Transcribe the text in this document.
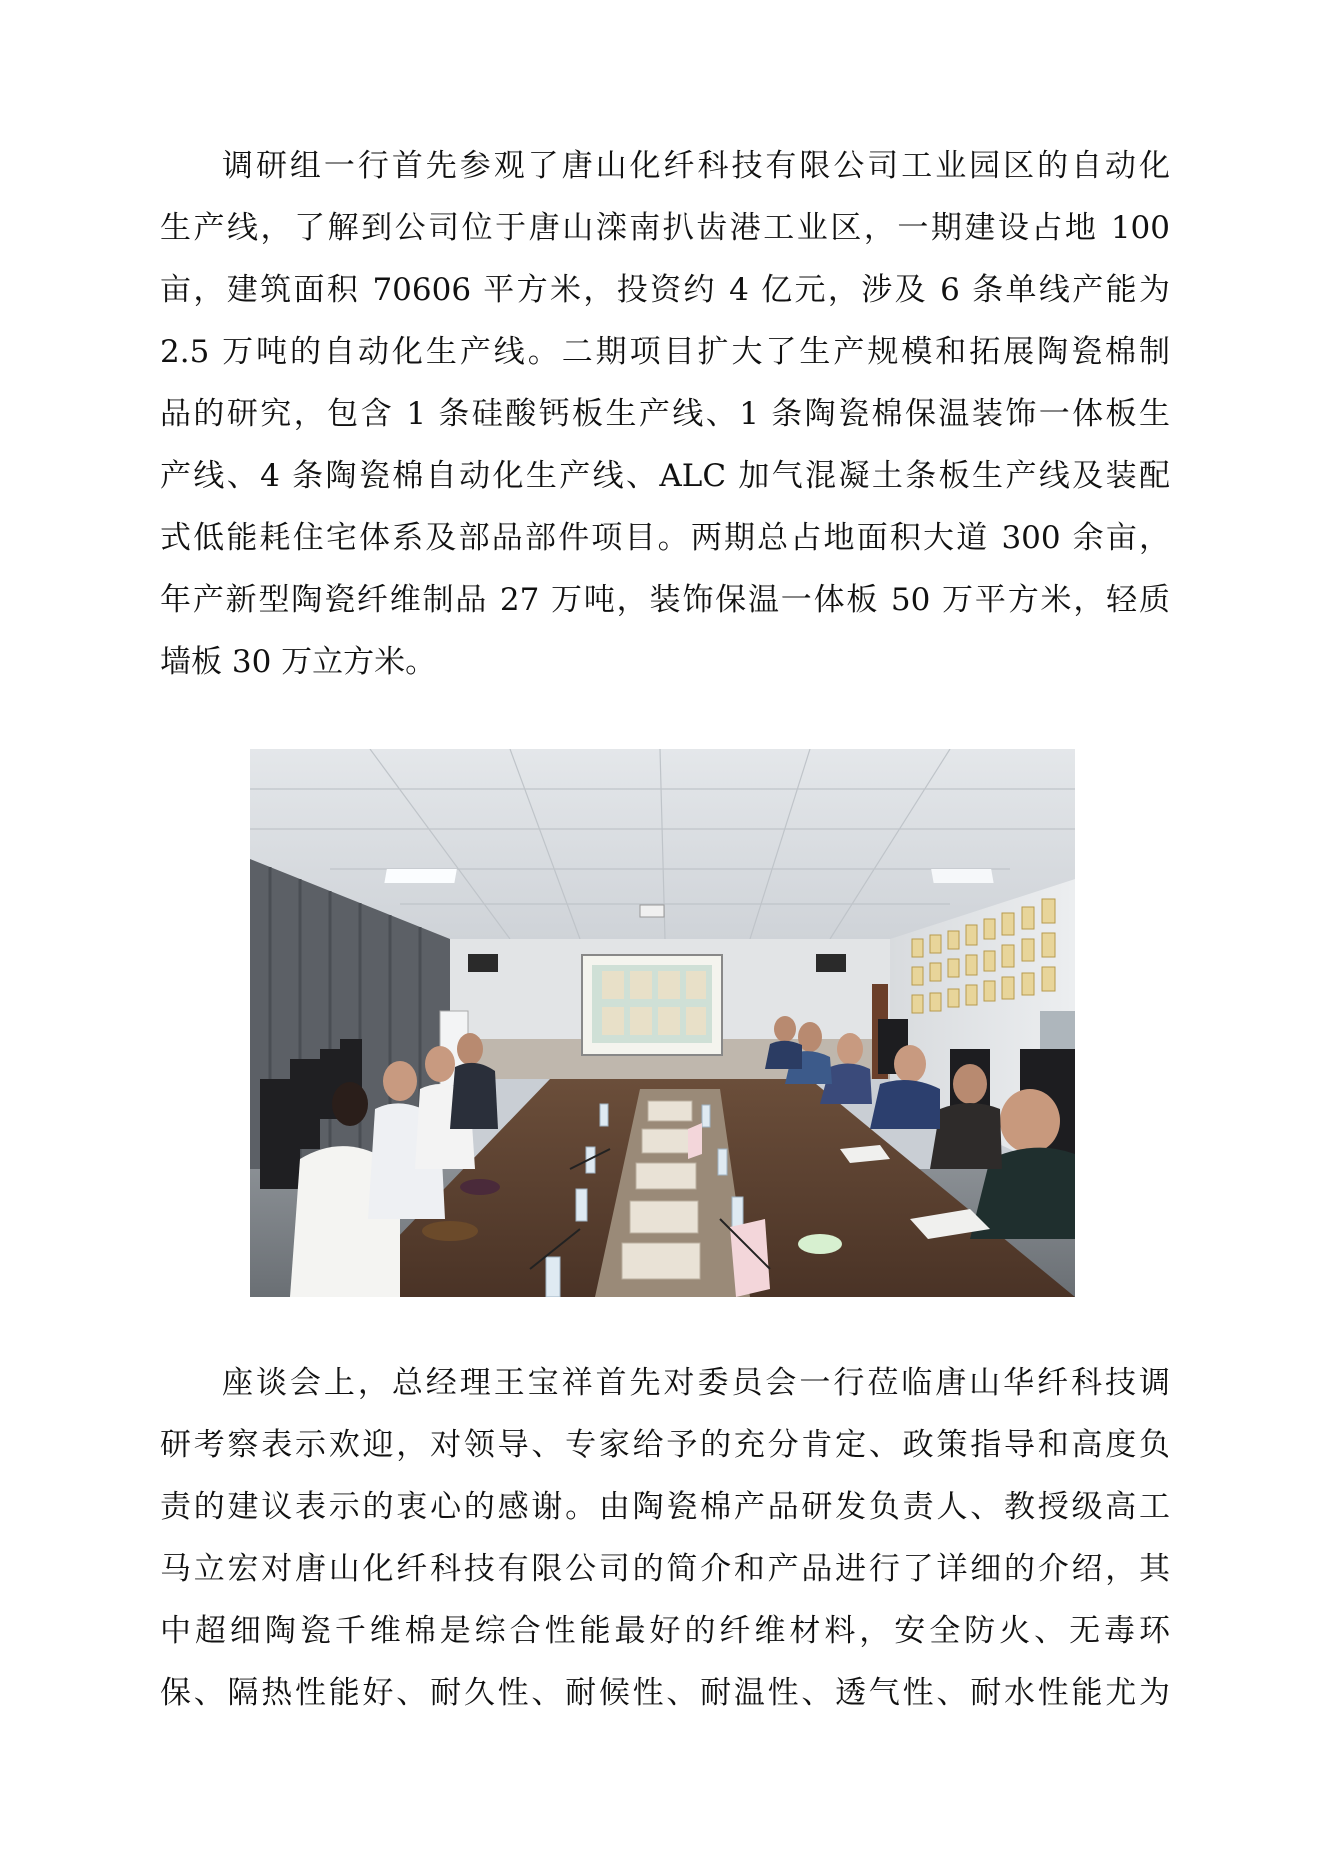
调研组一行首先参观了唐山化纤科技有限公司工业园区的自动化
生产线，了解到公司位于唐山滦南扒齿港工业区，一期建设占地 100
亩，建筑面积 70606 平方米，投资约 4 亿元，涉及 6 条单线产能为
2.5 万吨的自动化生产线。二期项目扩大了生产规模和拓展陶瓷棉制
品的研究，包含 1 条硅酸钙板生产线、1 条陶瓷棉保温装饰一体板生
产线、4 条陶瓷棉自动化生产线、ALC 加气混凝土条板生产线及装配
式低能耗住宅体系及部品部件项目。两期总占地面积大道 300 余亩，
年产新型陶瓷纤维制品 27 万吨，装饰保温一体板 50 万平方米，轻质
墙板 30 万立方米。

座谈会上，总经理王宝祥首先对委员会一行莅临唐山华纤科技调
研考察表示欢迎，对领导、专家给予的充分肯定、政策指导和高度负
责的建议表示的衷心的感谢。由陶瓷棉产品研发负责人、教授级高工
马立宏对唐山化纤科技有限公司的简介和产品进行了详细的介绍，其
中超细陶瓷千维棉是综合性能最好的纤维材料，安全防火、无毒环
保、隔热性能好、耐久性、耐候性、耐温性、透气性、耐水性能尤为
